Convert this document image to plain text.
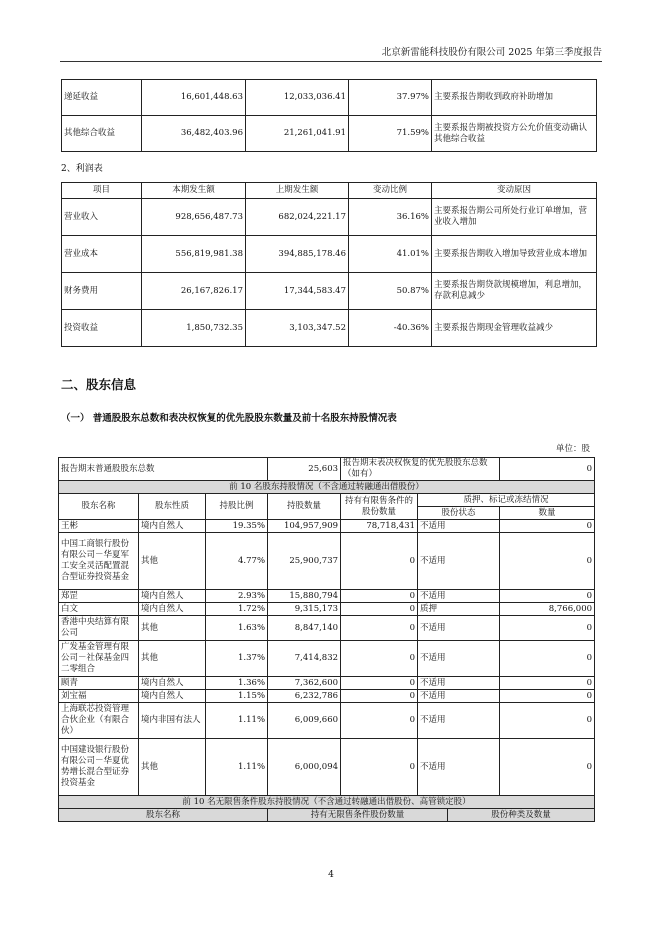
北京新雷能科技股份有限公司 2025 年第三季度报告
递延收益	16,601,448.63	12,033,036.41	37.97%	主要系报告期收到政府补助增加
其他综合收益	36,482,403.96	21,261,041.91	71.59%	主要系报告期被投资方公允价值变动确认其他综合收益
2、利润表
项目	本期发生额	上期发生额	变动比例	变动原因
营业收入	928,656,487.73	682,024,221.17	36.16%	主要系报告期公司所处行业订单增加，营业收入增加
营业成本	556,819,981.38	394,885,178.46	41.01%	主要系报告期收入增加导致营业成本增加
财务费用	26,167,826.17	17,344,583.47	50.87%	主要系报告期贷款规模增加，利息增加，存款利息减少
投资收益	1,850,732.35	3,103,347.52	-40.36%	主要系报告期现金管理收益减少
二、股东信息
（一） 普通股股东总数和表决权恢复的优先股股东数量及前十名股东持股情况表
单位：股
报告期末普通股股东总数			25,603	报告期末表决权恢复的优先股股东总数（如有）			0
前 10 名股东持股情况（不含通过转融通出借股份）							
股东名称	股东性质	持股比例	持股数量	持有有限售条件的股份数量	质押、标记或冻结情况		
					股份状态		数量
王彬	境内自然人	19.35%	104,957,909	78,718,431	不适用		0
中国工商银行股份有限公司－华夏军工安全灵活配置混合型证券投资基金	其他	4.77%	25,900,737	0	不适用		0
郑罡	境内自然人	2.93%	15,880,794	0	不适用		0
白文	境内自然人	1.72%	9,315,173	0	质押		8,766,000
香港中央结算有限公司	其他	1.63%	8,847,140	0	不适用		0
广发基金管理有限公司－社保基金四二零组合	其他	1.37%	7,414,832	0	不适用		0
顾青	境内自然人	1.36%	7,362,600	0	不适用		0
刘宝福	境内自然人	1.15%	6,232,786	0	不适用		0
上海联芯投资管理合伙企业（有限合伙）	境内非国有法人	1.11%	6,009,660	0	不适用		0
中国建设银行股份有限公司－华夏优势增长混合型证券投资基金	其他	1.11%	6,000,094	0	不适用		0
前 10 名无限售条件股东持股情况（不含通过转融通出借股份、高管锁定股）							
股东名称			持有无限售条件股份数量			股份种类及数量	
4
